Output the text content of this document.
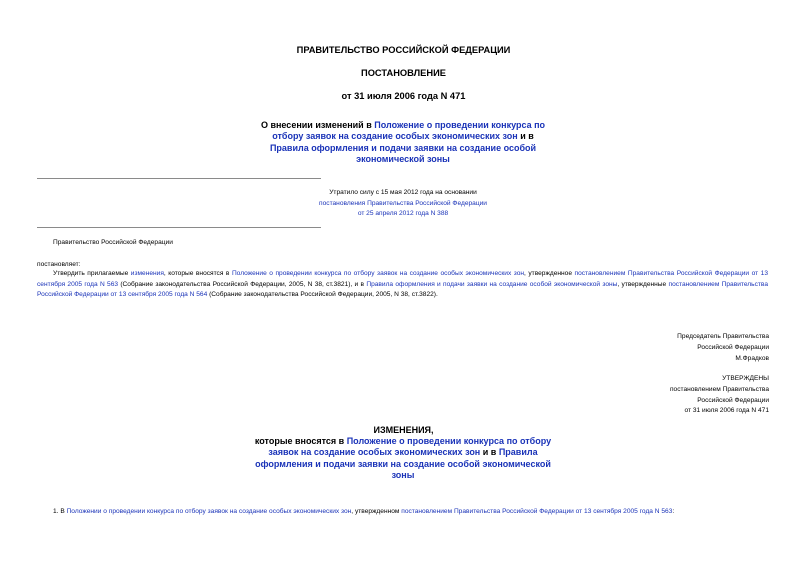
ПРАВИТЕЛЬСТВО РОССИЙСКОЙ ФЕДЕРАЦИИ
ПОСТАНОВЛЕНИЕ
от 31 июля 2006 года N 471
О внесении изменений в Положение о проведении конкурса по отбору заявок на создание особых экономических зон и в Правила оформления и подачи заявки на создание особой экономической зоны
Утратило силу с 15 мая 2012 года на основании
постановления Правительства Российской Федерации
от 25 апреля 2012 года N 388
Правительство Российской Федерации
постановляет:
Утвердить прилагаемые изменения, которые вносятся в Положение о проведении конкурса по отбору заявок на создание особых экономических зон, утвержденное постановлением Правительства Российской Федерации от 13 сентября 2005 года N 563 (Собрание законодательства Российской Федерации, 2005, N 38, ст.3821), и в Правила оформления и подачи заявки на создание особой экономической зоны, утвержденные постановлением Правительства Российской Федерации от 13 сентября 2005 года N 564 (Собрание законодательства Российской Федерации, 2005, N 38, ст.3822).
Председатель Правительства
Российской Федерации
М.Фрадков
УТВЕРЖДЕНЫ
постановлением Правительства
Российской Федерации
от 31 июля 2006 года N 471
ИЗМЕНЕНИЯ,
которые вносятся в Положение о проведении конкурса по отбору заявок на создание особых экономических зон и в Правила оформления и подачи заявки на создание особой экономической зоны
1. В Положении о проведении конкурса по отбору заявок на создание особых экономических зон, утвержденном постановлением Правительства Российской Федерации от 13 сентября 2005 года N 563:
